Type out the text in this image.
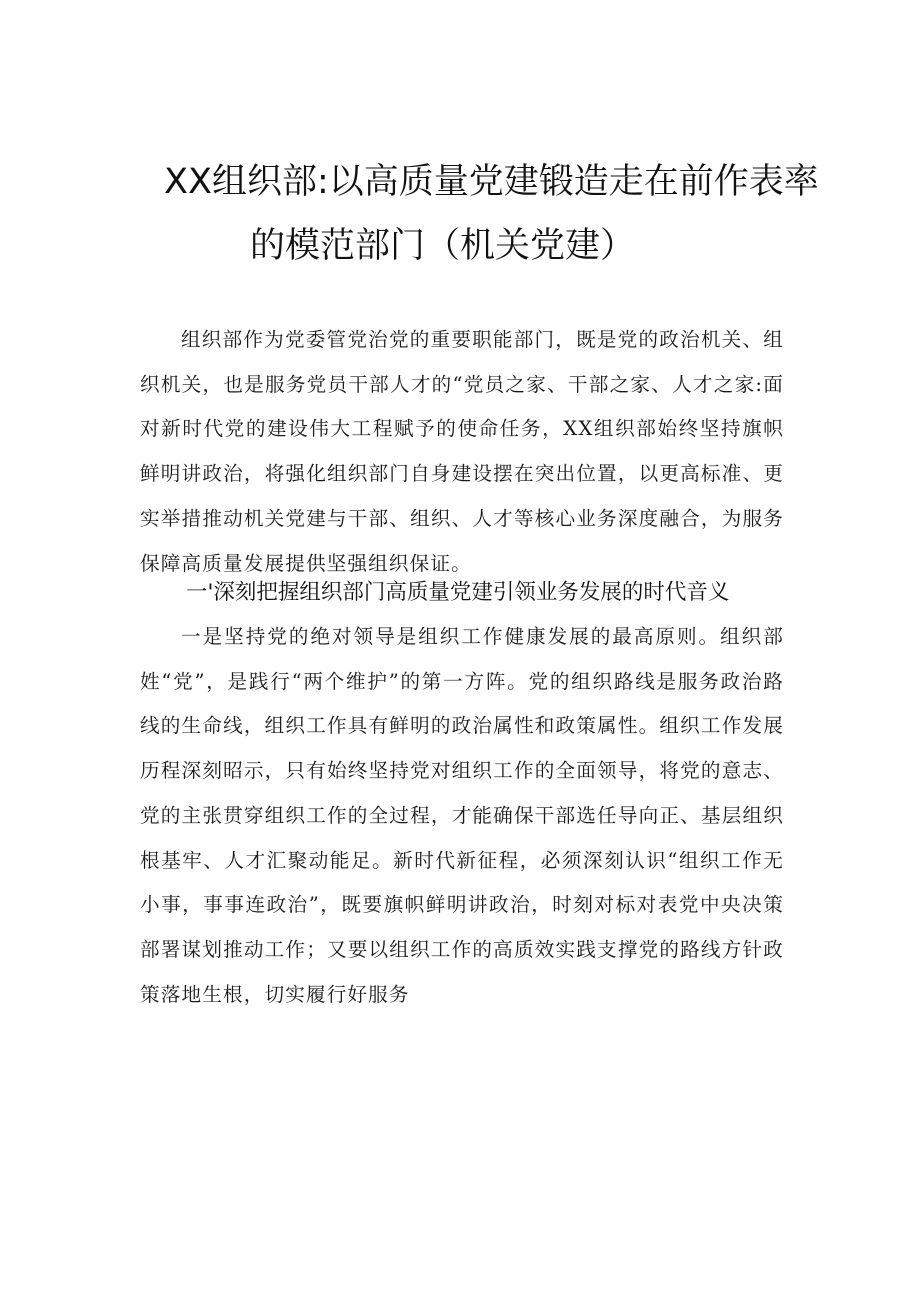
XX组织部:以高质量党建锻造走在前作表率
的模范部门（机关党建）

组织部作为党委管党治党的重要职能部门，既是党的政治机关、组织机关，也是服务党员干部人才的“党员之家、干部之家、人才之家:面对新时代党的建设伟大工程赋予的使命任务，XX组织部始终坚持旗帜鲜明讲政治，将强化组织部门自身建设摆在突出位置，以更高标准、更实举措推动机关党建与干部、组织、人才等核心业务深度融合，为服务保障高质量发展提供坚强组织保证。

一'深刻把握组织部门高质量党建引领业务发展的时代音义

一是坚持党的绝对领导是组织工作健康发展的最高原则。组织部姓“党”，是践行“两个维护”的第一方阵。党的组织路线是服务政治路线的生命线，组织工作具有鲜明的政治属性和政策属性。组织工作发展历程深刻昭示，只有始终坚持党对组织工作的全面领导，将党的意志、党的主张贯穿组织工作的全过程，才能确保干部选任导向正、基层组织根基牢、人才汇聚动能足。新时代新征程，必须深刻认识“组织工作无小事，事事连政治”，既要旗帜鲜明讲政治，时刻对标对表党中央决策部署谋划推动工作；又要以组织工作的高质效实践支撑党的路线方针政策落地生根，切实履行好服务
